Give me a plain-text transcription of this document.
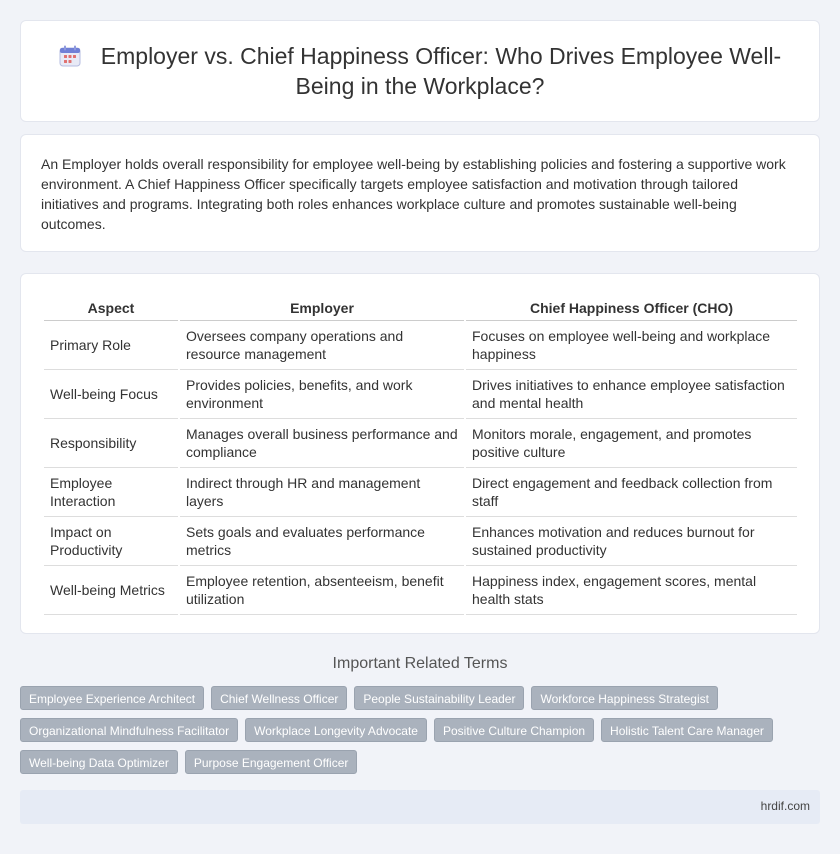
Employer vs. Chief Happiness Officer: Who Drives Employee Well-Being in the Workplace?

An Employer holds overall responsibility for employee well-being by establishing policies and fostering a supportive work environment. A Chief Happiness Officer specifically targets employee satisfaction and motivation through tailored initiatives and programs. Integrating both roles enhances workplace culture and promotes sustainable well-being outcomes.

Aspect	Employer	Chief Happiness Officer (CHO)
Primary Role	Oversees company operations and resource management	Focuses on employee well-being and workplace happiness
Well-being Focus	Provides policies, benefits, and work environment	Drives initiatives to enhance employee satisfaction and mental health
Responsibility	Manages overall business performance and compliance	Monitors morale, engagement, and promotes positive culture
Employee Interaction	Indirect through HR and management layers	Direct engagement and feedback collection from staff
Impact on Productivity	Sets goals and evaluates performance metrics	Enhances motivation and reduces burnout for sustained productivity
Well-being Metrics	Employee retention, absenteeism, benefit utilization	Happiness index, engagement scores, mental health stats
Important Related Terms
Employee Experience Architect	Chief Wellness Officer	People Sustainability Leader	Workforce Happiness Strategist
Organizational Mindfulness Facilitator	Workplace Longevity Advocate	Positive Culture Champion	Holistic Talent Care Manager
Well-being Data Optimizer	Purpose Engagement Officer
hrdif.com
